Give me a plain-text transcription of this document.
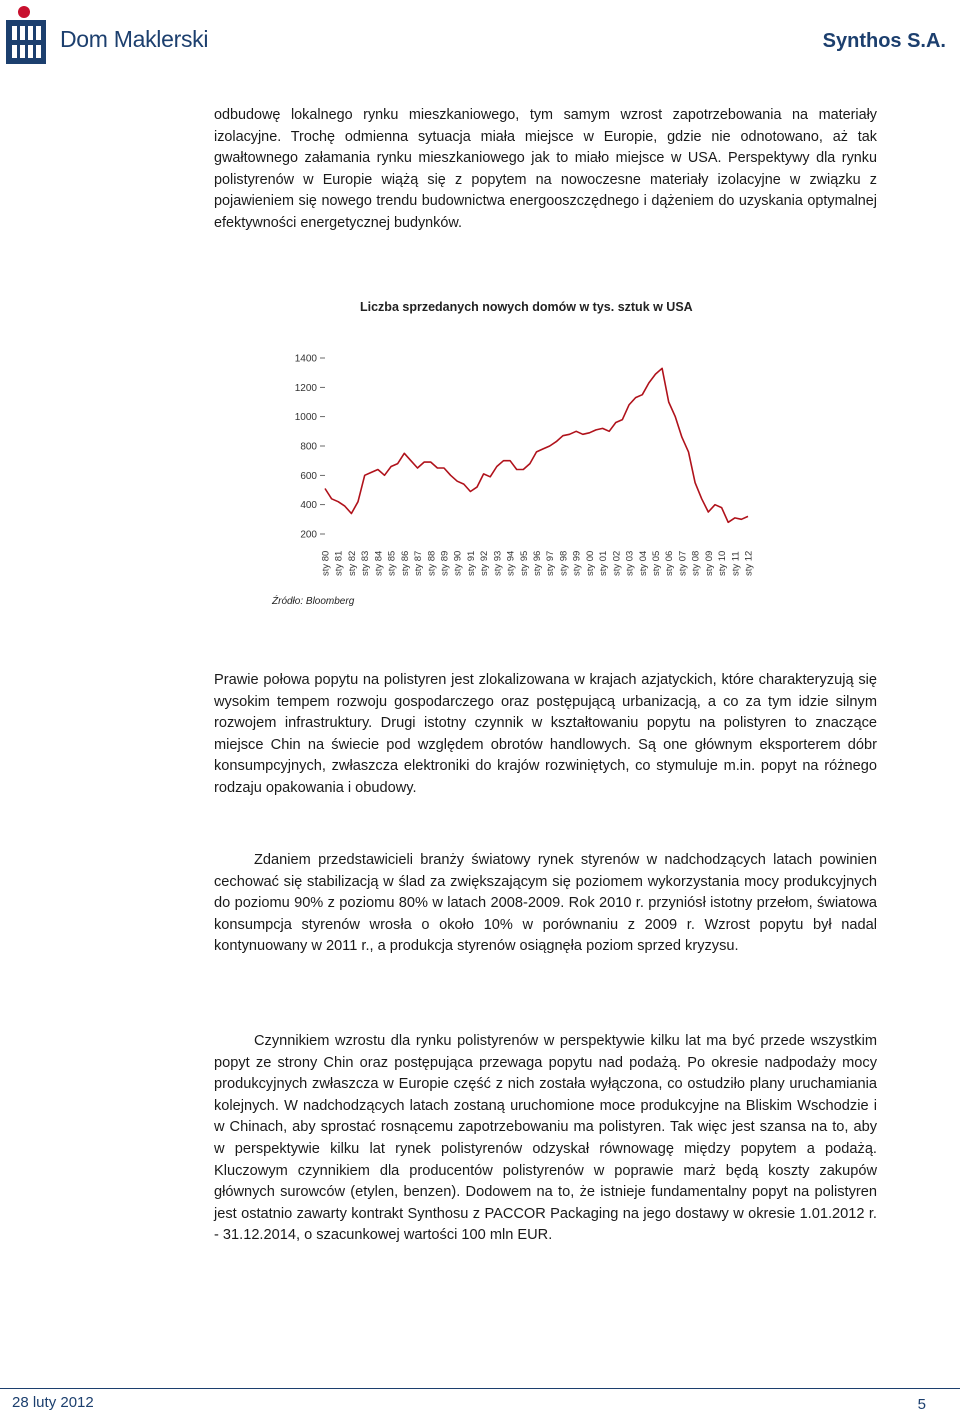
Dom Maklerski	Synthos S.A.

odbudowę lokalnego rynku mieszkaniowego, tym samym wzrost zapotrzebowania na materiały izolacyjne. Trochę odmienna sytuacja miała miejsce w Europie, gdzie nie odnotowano, aż tak gwałtownego załamania rynku mieszkaniowego jak to miało miejsce w USA. Perspektywy dla rynku polistyrenów w Europie wiążą się z popytem na nowoczesne materiały izolacyjne w związku z pojawieniem się nowego trendu budownictwa energooszczędnego i dążeniem do uzyskania optymalnej efektywności energetycznej budynków.

Liczba sprzedanych nowych domów w tys. sztuk w USA
200
400
600
800
1000
1200
1400
sty 80 sty 81 sty 82 sty 83 sty 84 sty 85 sty 86 sty 87 sty 88 sty 89 sty 90 sty 91 sty 92 sty 93 sty 94 sty 95 sty 96 sty 97 sty 98 sty 99 sty 00 sty 01 sty 02 sty 03 sty 04 sty 05 sty 06 sty 07 sty 08 sty 09 sty 10 sty 11 sty 12
Źródło: Bloomberg

Prawie połowa popytu na polistyren jest zlokalizowana w krajach azjatyckich, które charakteryzują się wysokim tempem rozwoju gospodarczego oraz postępującą urbanizacją, a co za tym idzie silnym rozwojem infrastruktury. Drugi istotny czynnik w kształtowaniu popytu na polistyren to znaczące miejsce Chin na świecie pod względem obrotów handlowych. Są one głównym eksporterem dóbr konsumpcyjnych, zwłaszcza elektroniki do krajów rozwiniętych, co stymuluje m.in. popyt na różnego rodzaju opakowania i obudowy.

Zdaniem przedstawicieli branży światowy rynek styrenów w nadchodzących latach powinien cechować się stabilizacją w ślad za zwiększającym się poziomem wykorzystania mocy produkcyjnych do poziomu 90% z poziomu 80% w latach 2008-2009. Rok 2010 r. przyniósł istotny przełom, światowa konsumpcja styrenów wrosła o około 10% w porównaniu z 2009 r. Wzrost popytu był nadal kontynuowany w 2011 r., a produkcja styrenów osiągnęła poziom sprzed kryzysu.

Czynnikiem wzrostu dla rynku polistyrenów w perspektywie kilku lat ma być przede wszystkim popyt ze strony Chin oraz postępująca przewaga popytu nad podażą. Po okresie nadpodaży mocy produkcyjnych zwłaszcza w Europie część z nich została wyłączona, co ostudziło plany uruchamiania kolejnych. W nadchodzących latach zostaną uruchomione moce produkcyjne na Bliskim Wschodzie i w Chinach, aby sprostać rosnącemu zapotrzebowaniu ma polistyren. Tak więc jest szansa na to, aby w perspektywie kilku lat rynek polistyrenów odzyskał równowagę między popytem a podażą. Kluczowym czynnikiem dla producentów polistyrenów w poprawie marż będą koszty zakupów głównych surowców (etylen, benzen). Dodowem na to, że istnieje fundamentalny popyt na polistyren jest ostatnio zawarty kontrakt Synthosu z PACCOR Packaging na jego dostawy w okresie 1.01.2012 r. - 31.12.2014, o szacunkowej wartości 100 mln EUR.

28 luty 2012	5
